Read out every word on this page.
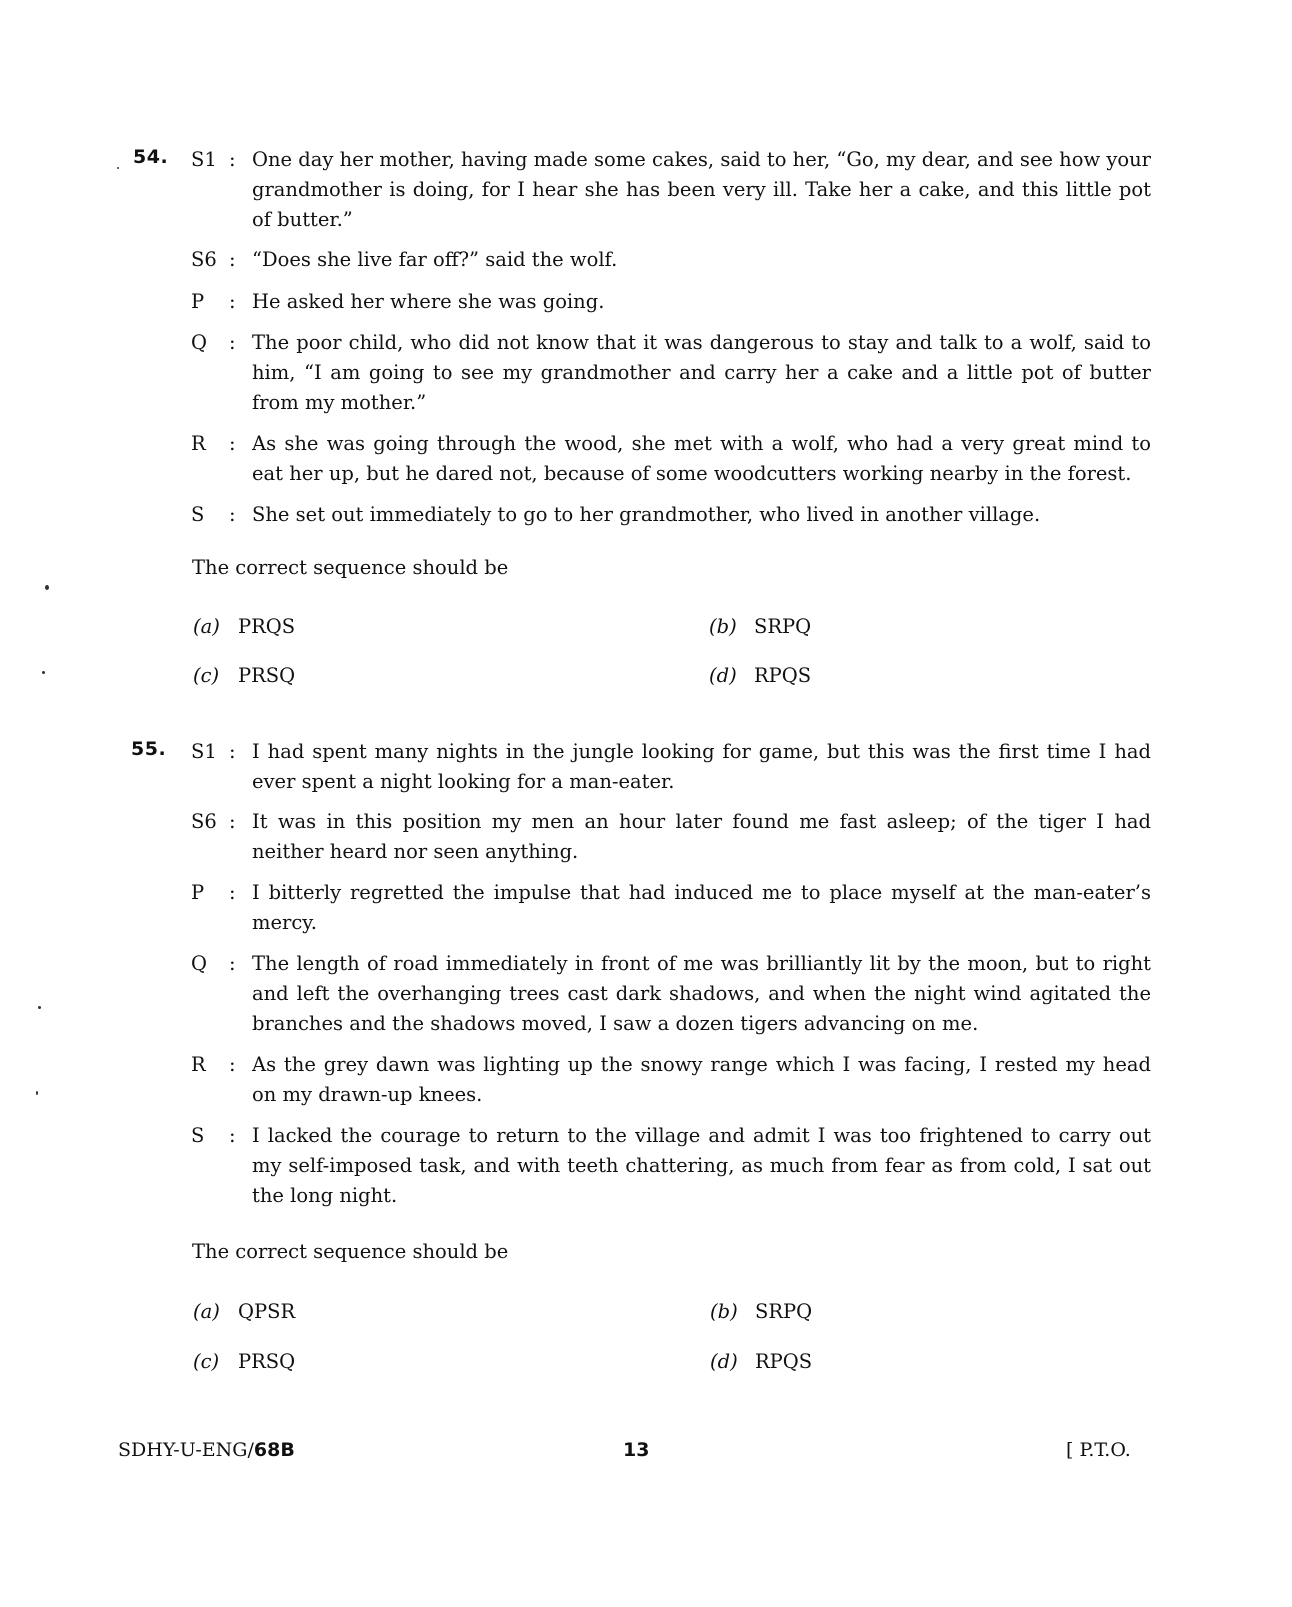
54. S1 : One day her mother, having made some cakes, said to her, “Go, my dear, and see how your grandmother is doing, for I hear she has been very ill. Take her a cake, and this little pot of butter.”
S6 : “Does she live far off?” said the wolf.
P	: He asked her where she was going.
Q	: The poor child, who did not know that it was dangerous to stay and talk to a wolf, said to him, “I am going to see my grandmother and carry her a cake and a little pot of butter from my mother.”
R	: As she was going through the wood, she met with a wolf, who had a very great mind to eat her up, but he dared not, because of some woodcutters working nearby in the forest.
S	: She set out immediately to go to her grandmother, who lived in another village.
The correct sequence should be
(a) PRQS	(b) SRPQ
(c) PRSQ	(d) RPQS
55. S1 : I had spent many nights in the jungle looking for game, but this was the first time I had ever spent a night looking for a man-eater.
S6 : It was in this position my men an hour later found me fast asleep; of the tiger I had neither heard nor seen anything.
P	: I bitterly regretted the impulse that had induced me to place myself at the man-eater’s mercy.
Q	: The length of road immediately in front of me was brilliantly lit by the moon, but to right and left the overhanging trees cast dark shadows, and when the night wind agitated the branches and the shadows moved, I saw a dozen tigers advancing on me.
R	: As the grey dawn was lighting up the snowy range which I was facing, I rested my head on my drawn-up knees.
S	: I lacked the courage to return to the village and admit I was too frightened to carry out my self-imposed task, and with teeth chattering, as much from fear as from cold, I sat out the long night.
The correct sequence should be
(a) QPSR	(b) SRPQ
(c) PRSQ	(d) RPQS
SDHY-U-ENG/68B	13	[ P.T.O.
